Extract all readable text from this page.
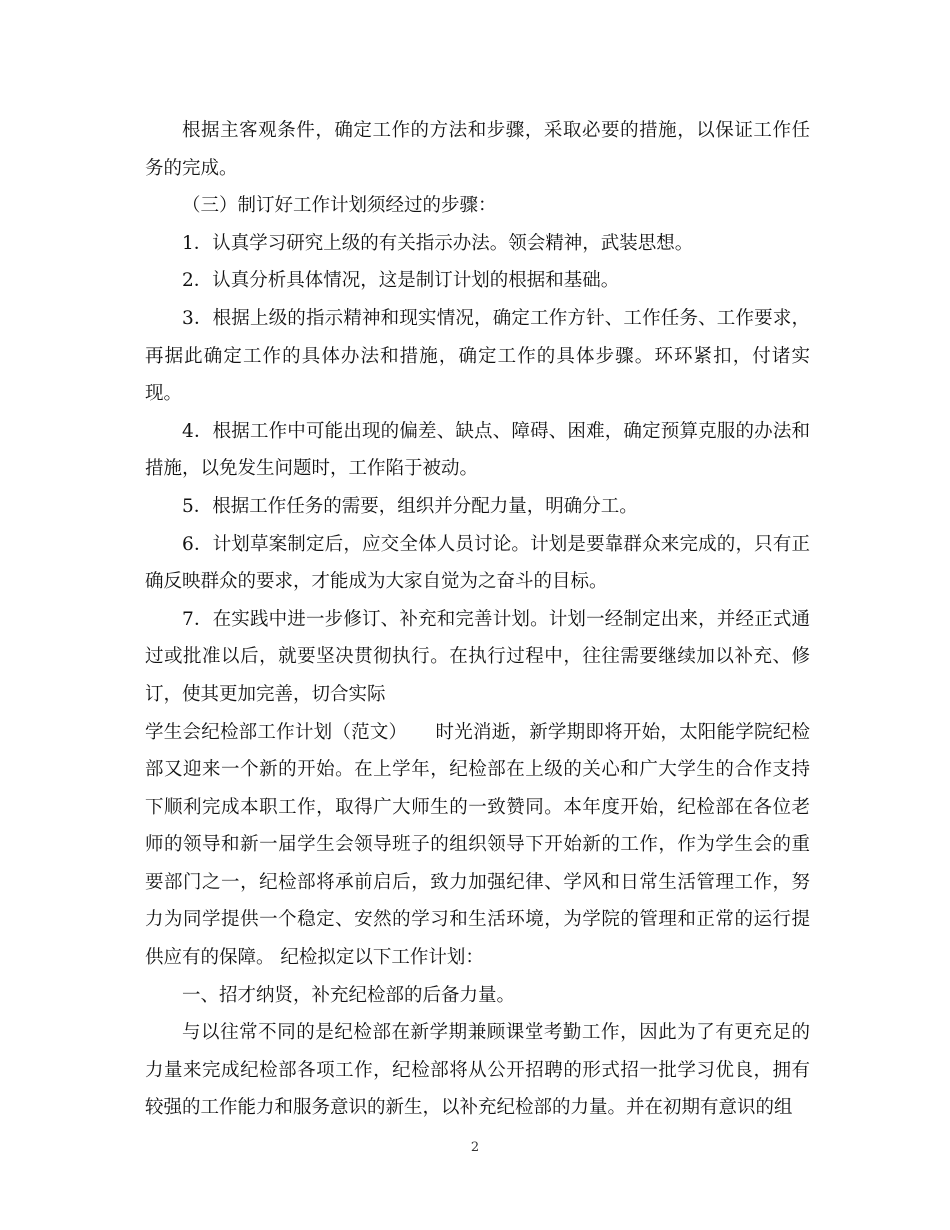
根据主客观条件，确定工作的方法和步骤，采取必要的措施，以保证工作任务的完成。

（三）制订好工作计划须经过的步骤：

1．认真学习研究上级的有关指示办法。领会精神，武装思想。

2．认真分析具体情况，这是制订计划的根据和基础。

3．根据上级的指示精神和现实情况，确定工作方针、工作任务、工作要求，再据此确定工作的具体办法和措施，确定工作的具体步骤。环环紧扣，付诸实现。

4．根据工作中可能出现的偏差、缺点、障碍、困难，确定预算克服的办法和措施，以免发生问题时，工作陷于被动。

5．根据工作任务的需要，组织并分配力量，明确分工。

6．计划草案制定后，应交全体人员讨论。计划是要靠群众来完成的，只有正确反映群众的要求，才能成为大家自觉为之奋斗的目标。

7．在实践中进一步修订、补充和完善计划。计划一经制定出来，并经正式通过或批准以后，就要坚决贯彻执行。在执行过程中，往往需要继续加以补充、修订，使其更加完善，切合实际

学生会纪检部工作计划（范文）　　时光消逝，新学期即将开始，太阳能学院纪检部又迎来一个新的开始。在上学年，纪检部在上级的关心和广大学生的合作支持下顺利完成本职工作，取得广大师生的一致赞同。本年度开始，纪检部在各位老师的领导和新一届学生会领导班子的组织领导下开始新的工作，作为学生会的重要部门之一，纪检部将承前启后，致力加强纪律、学风和日常生活管理工作，努力为同学提供一个稳定、安然的学习和生活环境，为学院的管理和正常的运行提供应有的保障。 纪检拟定以下工作计划：

一、招才纳贤，补充纪检部的后备力量。

与以往常不同的是纪检部在新学期兼顾课堂考勤工作，因此为了有更充足的力量来完成纪检部各项工作，纪检部将从公开招聘的形式招一批学习优良，拥有较强的工作能力和服务意识的新生，以补充纪检部的力量。并在初期有意识的组

2
